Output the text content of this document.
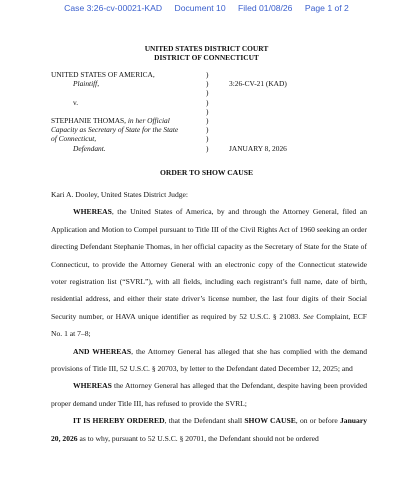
Case 3:26-cv-00021-KAD Document 10 Filed 01/08/26 Page 1 of 2
UNITED STATES DISTRICT COURT
DISTRICT OF CONNECTICUT
UNITED STATES OF AMERICA,
Plaintiff,

v.

STEPHANIE THOMAS, in her Official
Capacity as Secretary of State for the State
of Connecticut,
Defendant.
)
)
)
)
)
)
)
)
)

3:26-CV-21 (KAD)

JANUARY 8, 2026
ORDER TO SHOW CAUSE

Kari A. Dooley, United States District Judge:

WHEREAS, the United States of America, by and through the Attorney General, filed an Application and Motion to Compel pursuant to Title III of the Civil Rights Act of 1960 seeking an order directing Defendant Stephanie Thomas, in her official capacity as the Secretary of State for the State of Connecticut, to provide the Attorney General with an electronic copy of the Connecticut statewide voter registration list (“SVRL”), with all fields, including each registrant’s full name, date of birth, residential address, and either their state driver’s license number, the last four digits of their Social Security number, or HAVA unique identifier as required by 52 U.S.C. § 21083. See Complaint, ECF No. 1 at 7–8;

AND WHEREAS, the Attorney General has alleged that she has complied with the demand provisions of Title III, 52 U.S.C. § 20703, by letter to the Defendant dated December 12, 2025; and

WHEREAS the Attorney General has alleged that the Defendant, despite having been provided proper demand under Title III, has refused to provide the SVRL;

IT IS HEREBY ORDERED, that the Defendant shall SHOW CAUSE, on or before January 20, 2026 as to why, pursuant to 52 U.S.C. § 20701, the Defendant should not be ordered
